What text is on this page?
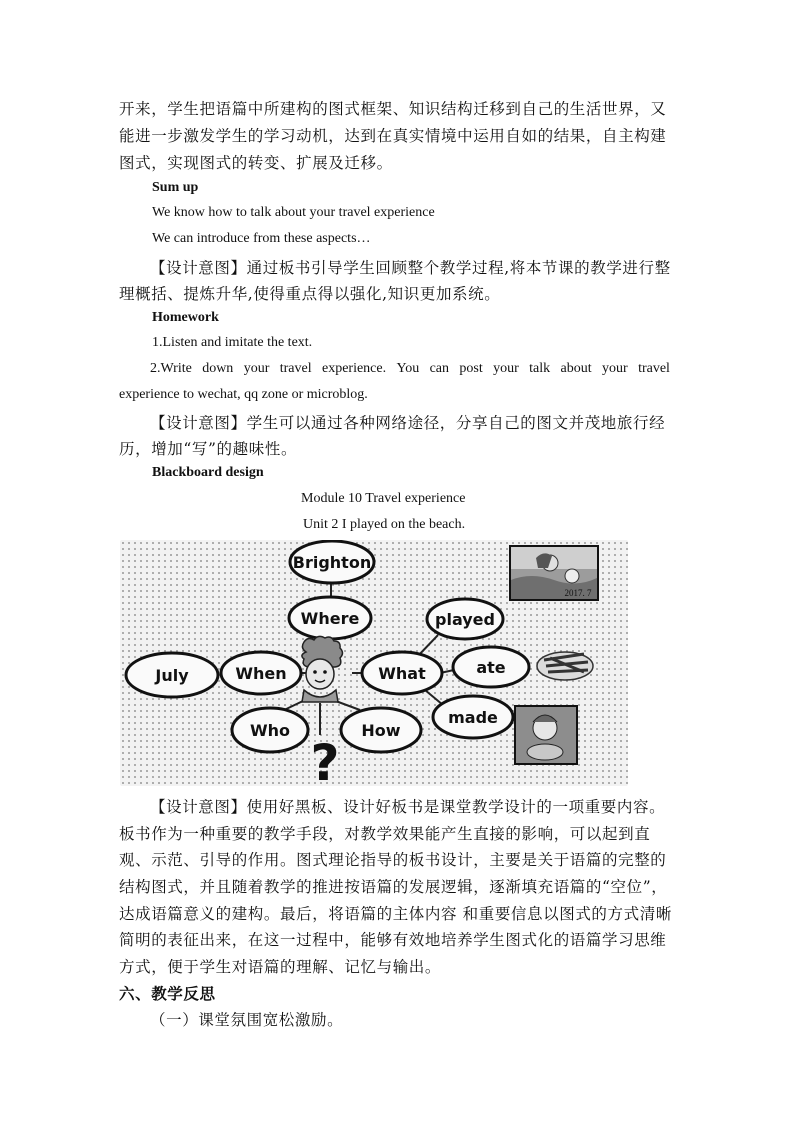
开来，学生把语篇中所建构的图式框架、知识结构迁移到自己的生活世界，又
能进一步激发学生的学习动机，达到在真实情境中运用自如的结果，自主构建
图式，实现图式的转变、扩展及迁移。
Sum up
We know how to talk about your travel experience
We can introduce from these aspects…
【设计意图】通过板书引导学生回顾整个教学过程,将本节课的教学进行整
理概括、提炼升华,使得重点得以强化,知识更加系统。
Homework
1.Listen and imitate the text.
2.Write down your travel experience. You can post your talk about your travel
experience to wechat, qq zone or microblog.
【设计意图】学生可以通过各种网络途径，分享自己的图文并茂地旅行经
历，增加“写”的趣味性。
Blackboard design
Module 10 Travel experience
Unit 2 I played on the beach.
Brighton
Where
July	When
Who	How
What
played
ate
made
?
2017. 7
【设计意图】使用好黑板、设计好板书是课堂教学设计的一项重要内容。
板书作为一种重要的教学手段，对教学效果能产生直接的影响，可以起到直
观、示范、引导的作用。图式理论指导的板书设计，主要是关于语篇的完整的
结构图式，并且随着教学的推进按语篇的发展逻辑，逐渐填充语篇的“空位”，
达成语篇意义的建构。最后，将语篇的主体内容 和重要信息以图式的方式清晰
简明的表征出来，在这一过程中，能够有效地培养学生图式化的语篇学习思维
方式，便于学生对语篇的理解、记忆与输出。
六、教学反思
（一）课堂氛围宽松激励。
